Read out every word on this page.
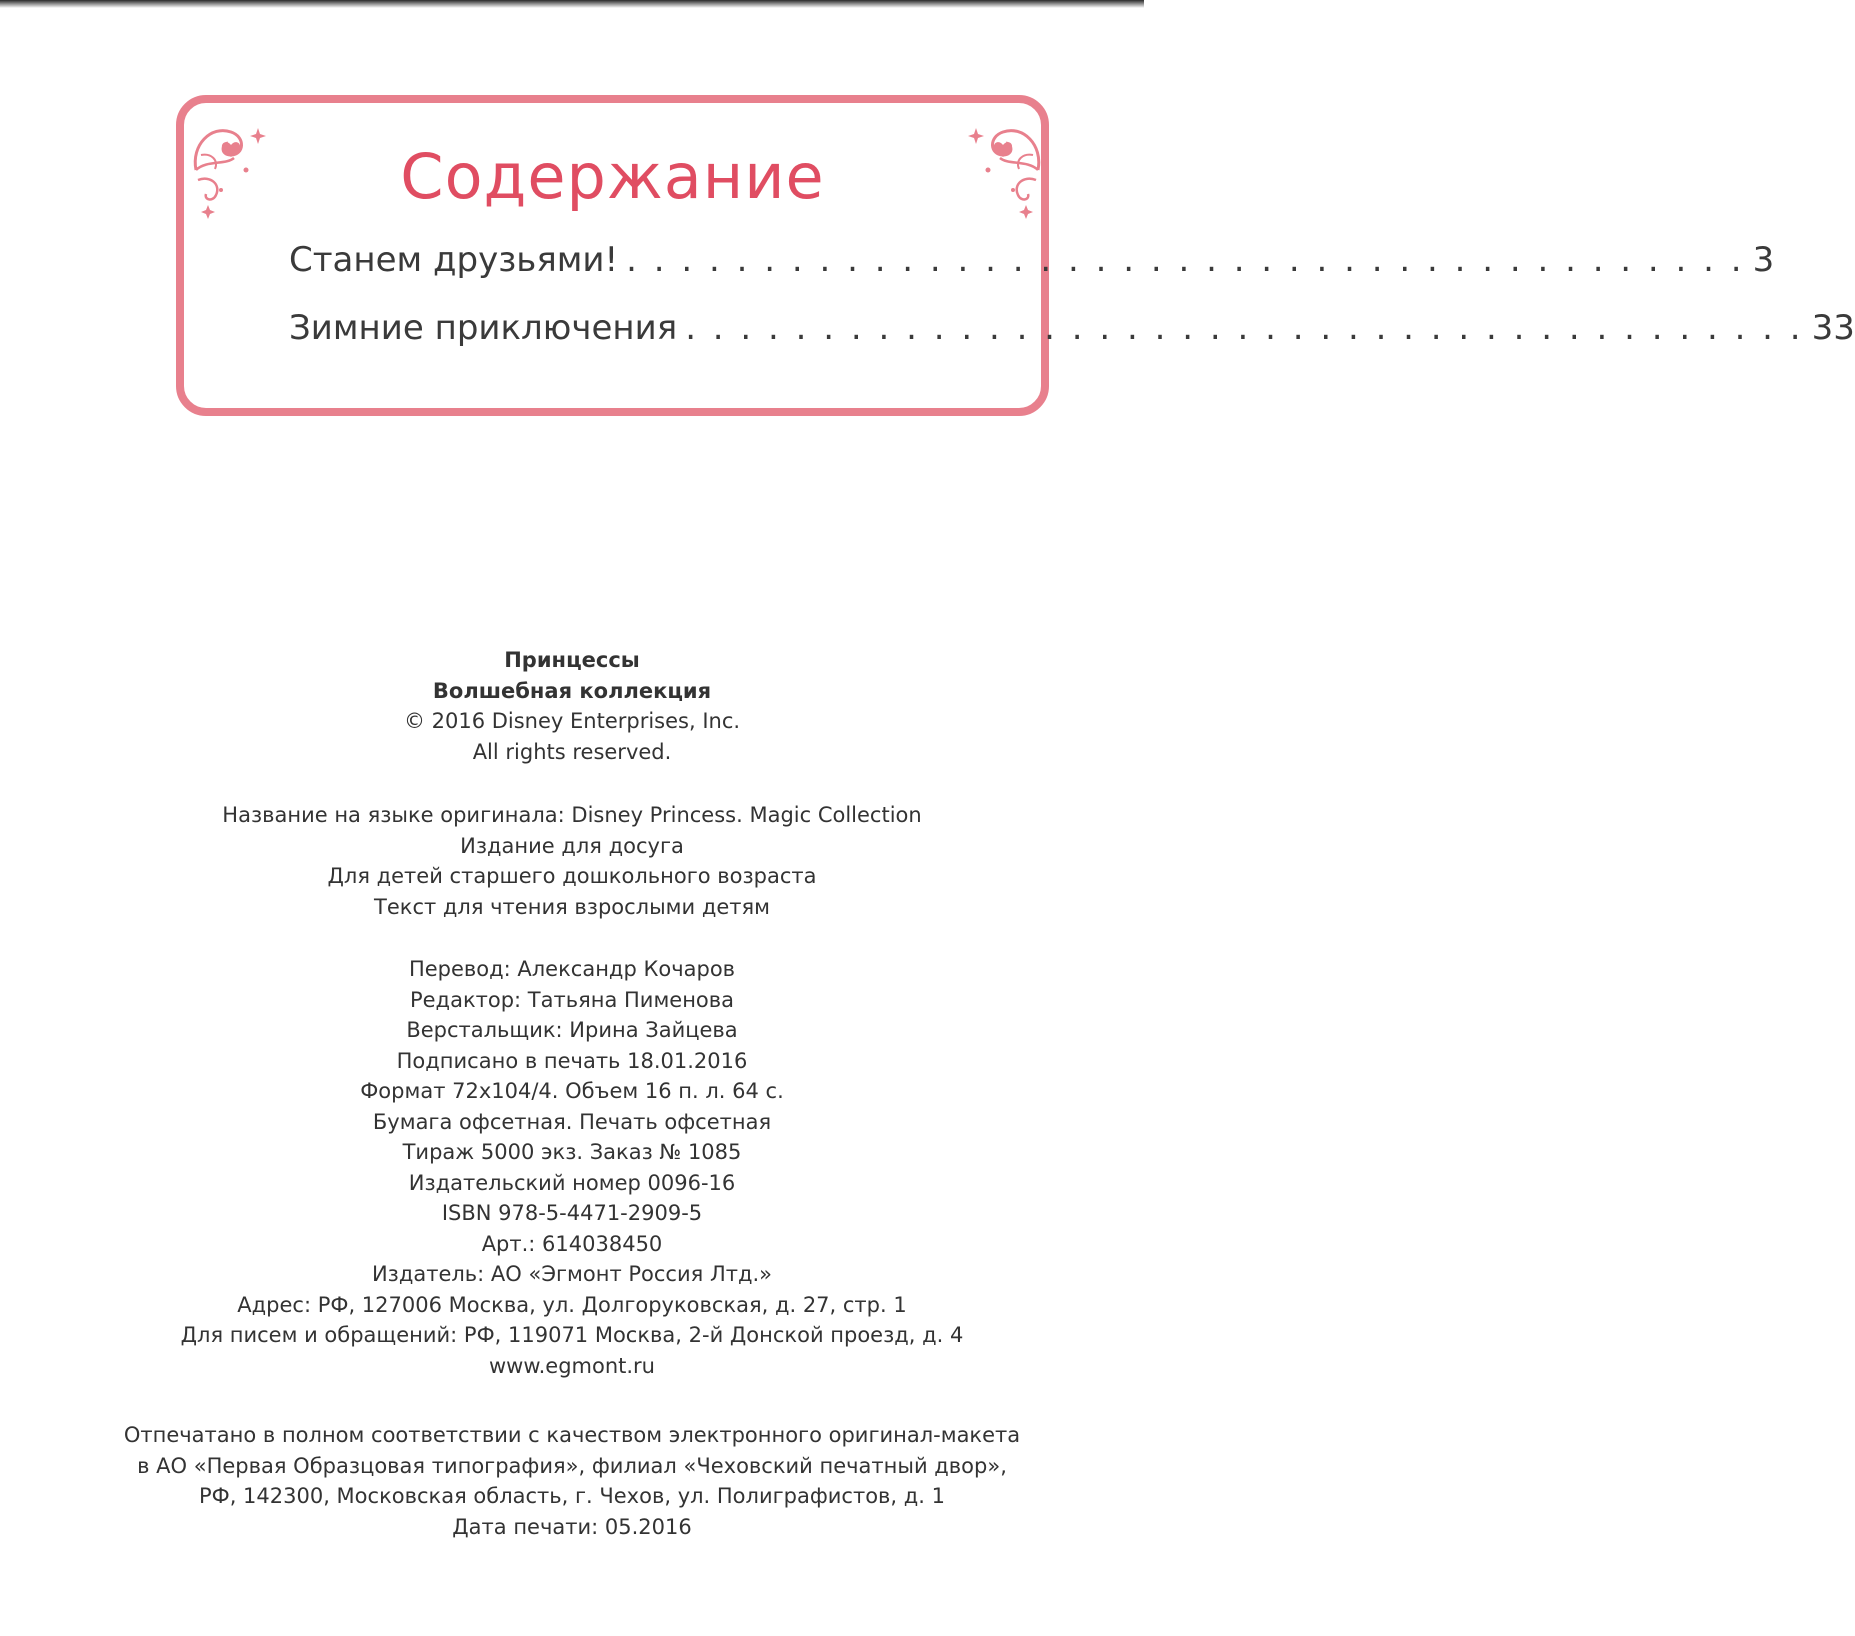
Содержание
Станем друзьями! . . . . . . . . . . . . . . . . . . . . . . . . . . . . . . . . . . . . . . . . . 3
Зимние приключения . . . . . . . . . . . . . . . . . . . . . . . . . . . . . . . . . . . . . . . . . 33
Принцессы
Волшебная коллекция
© 2016 Disney Enterprises, Inc.
All rights reserved.
Название на языке оригинала: Disney Princess. Magic Collection
Издание для досуга
Для детей старшего дошкольного возраста
Текст для чтения взрослыми детям
Перевод: Александр Кочаров
Редактор: Татьяна Пименова
Верстальщик: Ирина Зайцева
Подписано в печать 18.01.2016
Формат 72x104/4. Объем 16 п. л. 64 с.
Бумага офсетная. Печать офсетная
Тираж 5000 экз. Заказ № 1085
Издательский номер 0096-16
ISBN 978-5-4471-2909-5
Арт.: 614038450
Издатель: АО «Эгмонт Россия Лтд.»
Адрес: РФ, 127006 Москва, ул. Долгоруковская, д. 27, стр. 1
Для писем и обращений: РФ, 119071 Москва, 2-й Донской проезд, д. 4
www.egmont.ru
Отпечатано в полном соответствии с качеством электронного оригинал-макета
в АО «Первая Образцовая типография», филиал «Чеховский печатный двор»,
РФ, 142300, Московская область, г. Чехов, ул. Полиграфистов, д. 1
Дата печати: 05.2016
